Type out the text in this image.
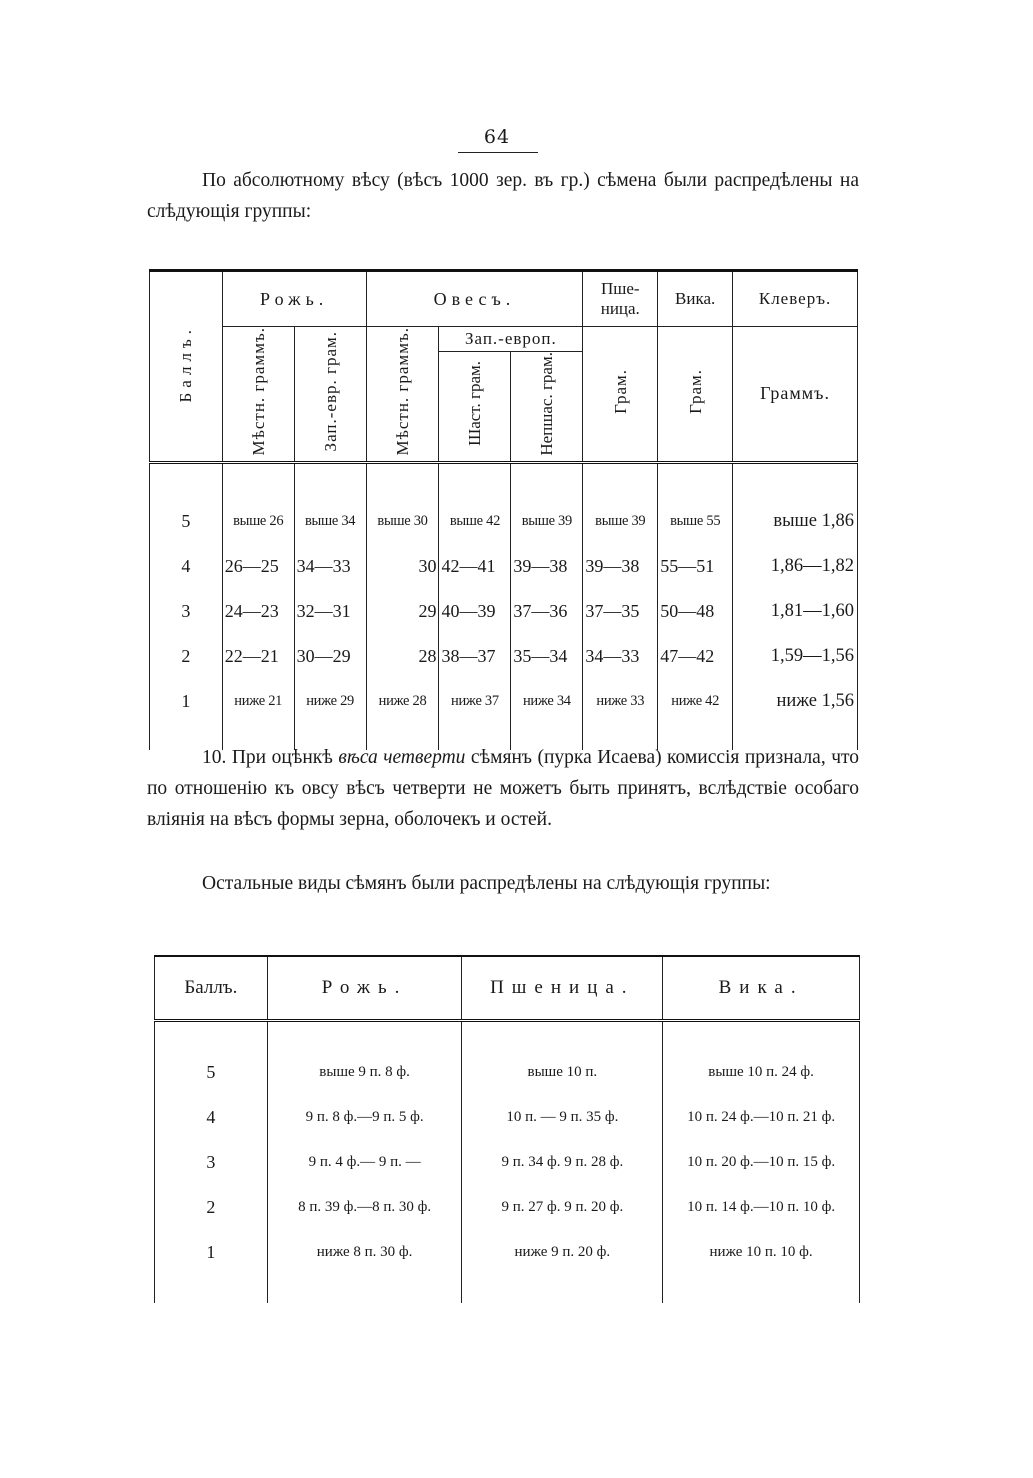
64

По абсолютному вѣсу (вѣсъ 1000 зер. въ гр.) сѣмена были распредѣлены на слѣдующія группы:

Баллъ.	Рожь.		Овесъ.			Пше-ница.	Вика.	Клеверъ.
	Мѣстн. граммъ.	Зап.-евр. грам.	Мѣстн. граммъ.	Зап.-европ.		Грам.	Грам.	Граммъ.
				Шаст. грам.	Непшас. грам.			

5	выше 26	выше 34	выше 30	выше 42	выше 39	выше 39	выше 55	выше 1,86
4	26—25	34—33	30	42—41	39—38	39—38	55—51	1,86—1,82
3	24—23	32—31	29	40—39	37—36	37—35	50—48	1,81—1,60
2	22—21	30—29	28	38—37	35—34	34—33	47—42	1,59—1,56
1	ниже 21	ниже 29	ниже 28	ниже 37	ниже 34	ниже 33	ниже 42	ниже 1,56

10. При оцѣнкѣ вѣса четверти сѣмянъ (пурка Исаева) комиссія признала, что по отношенію къ овсу вѣсъ четверти не можетъ быть принятъ, вслѣдствіе особаго вліянія на вѣсъ формы зерна, оболочекъ и остей.

Остальные виды сѣмянъ были распредѣлены на слѣдующія группы:

Баллъ.	Рожь.	Пшеница.	Вика.

5	выше 9 п. 8 ф.	выше 10 п.	выше 10 п. 24 ф.
4	9 п. 8 ф.—9 п. 5 ф.	10 п. — 9 п. 35 ф.	10 п. 24 ф.—10 п. 21 ф.
3	9 п. 4 ф.— 9 п. —	9 п. 34 ф. 9 п. 28 ф.	10 п. 20 ф.—10 п. 15 ф.
2	8 п. 39 ф.—8 п. 30 ф.	9 п. 27 ф. 9 п. 20 ф.	10 п. 14 ф.—10 п. 10 ф.
1	ниже 8 п. 30 ф.	ниже 9 п. 20 ф.	ниже 10 п. 10 ф.
